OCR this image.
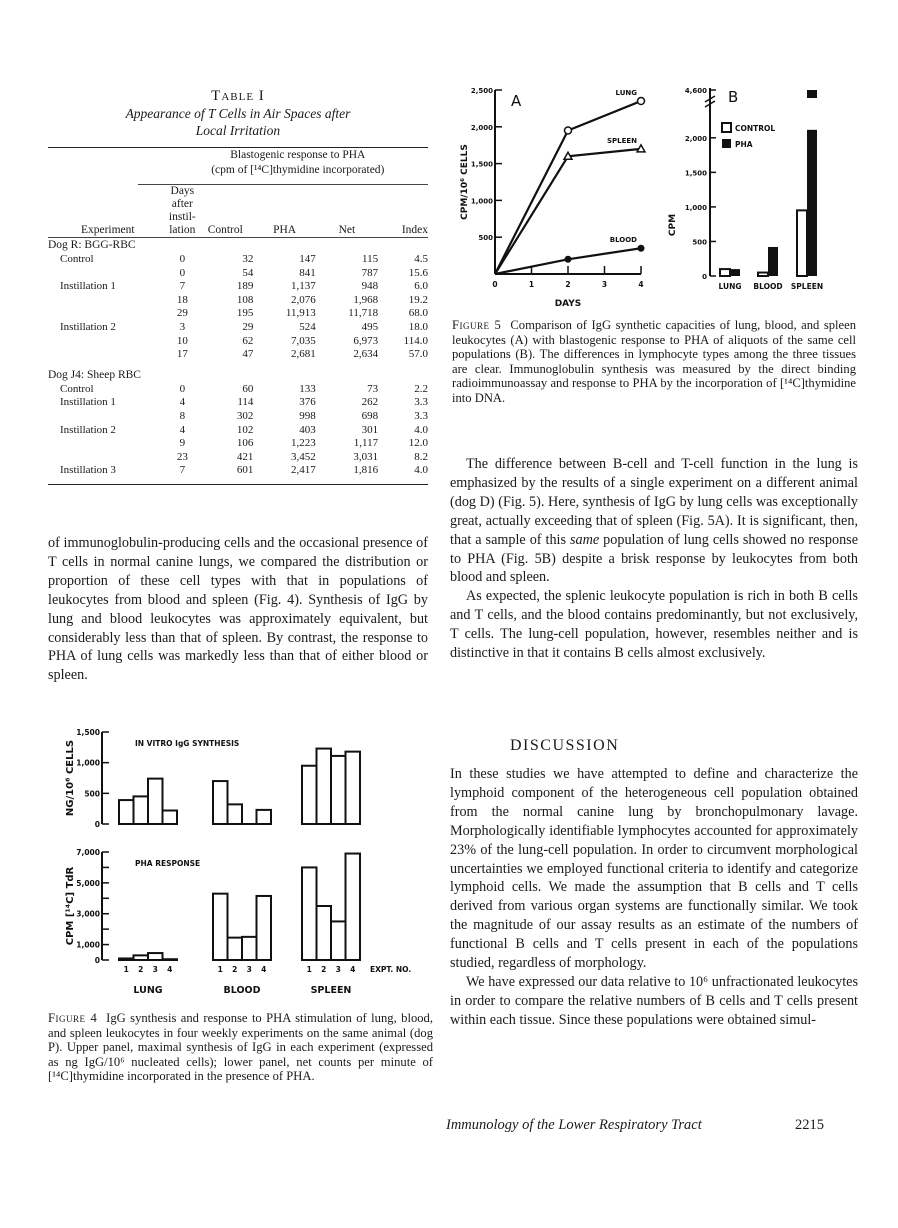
Table I
Appearance of T Cells in Air Spaces after
Local Irritation

	Blastogenic response to PHA
(cpm of [¹⁴C]thymidine incorporated)				

Experiment	Days
after
instil-
lation	Control	PHA	Net	Index

Dog R: BGG-RBC					
Control	0	32	147	115	4.5
	0	54	841	787	15.6
Instillation 1	7	189	1,137	948	6.0
	18	108	2,076	1,968	19.2
	29	195	11,913	11,718	68.0
Instillation 2	3	29	524	495	18.0
	10	62	7,035	6,973	114.0
	17	47	2,681	2,634	57.0
Dog J4: Sheep RBC					
Control	0	60	133	73	2.2
Instillation 1	4	114	376	262	3.3
	8	302	998	698	3.3
Instillation 2	4	102	403	301	4.0
	9	106	1,223	1,117	12.0
	23	421	3,452	3,031	8.2
Instillation 3	7	601	2,417	1,816	4.0

of immunoglobulin-producing cells and the occasional presence of T cells in normal canine lungs, we compared the distribution or proportion of these cell types with that in populations of leukocytes from blood and spleen (Fig. 4). Synthesis of IgG by lung and blood leukocytes was approximately equivalent, but considerably less than that of spleen. By contrast, the response to PHA of lung cells was markedly less than that of either blood or spleen.

0
500
1,000
1,500
IN VITRO IgG SYNTHESIS
NG/10⁶ CELLS
0
1,000
3,000
5,000
7,000
PHA RESPONSE
CPM [¹⁴C] TdR
1 2 3 4
LUNG
1 2 3 4
BLOOD
1 2 3 4
SPLEEN
EXPT. NO.
Figure 4 IgG synthesis and response to PHA stimulation of lung, blood, and spleen leukocytes in four weekly experiments on the same animal (dog P). Upper panel, maximal synthesis of IgG in each experiment (expressed as ng IgG/10⁶ nucleated cells); lower panel, net counts per minute of [¹⁴C]thymidine incorporated in the presence of PHA.
500
1,000
1,500
2,000
2,500
0	1	2	3	4
DAYS
CPM/10⁶ CELLS
A	LUNG
SPLEEN
BLOOD
0
500
1,000
1,500
2,000
4,600 B
CPM
CONTROL
PHA
LUNG BLOOD SPLEEN
Figure 5 Comparison of IgG synthetic capacities of lung, blood, and spleen leukocytes (A) with blastogenic response to PHA of aliquots of the same cell populations (B). The differences in lymphocyte types among the three tissues are clear. Immunoglobulin synthesis was measured by the direct binding radioimmunoassay and response to PHA by the incorporation of [¹⁴C]thymidine into DNA.

The difference between B-cell and T-cell function in the lung is emphasized by the results of a single experiment on a different animal (dog D) (Fig. 5). Here, synthesis of IgG by lung cells was exceptionally great, actually exceeding that of spleen (Fig. 5A). It is significant, then, that a sample of this same population of lung cells showed no response to PHA (Fig. 5B) despite a brisk response by leukocytes from both blood and spleen.

As expected, the splenic leukocyte population is rich in both B cells and T cells, and the blood contains predominantly, but not exclusively, T cells. The lung-cell population, however, resembles neither and is distinctive in that it contains B cells almost exclusively.

DISCUSSION

In these studies we have attempted to define and characterize the lymphoid component of the heterogeneous cell population obtained from the normal canine lung by bronchopulmonary lavage. Morphologically identifiable lymphocytes accounted for approximately 23% of the lung-cell population. In order to circumvent morphological uncertainties we employed functional criteria to identify and categorize lymphoid cells. We made the assumption that B cells and T cells derived from various organ systems are functionally similar. We took the magnitude of our assay results as an estimate of the numbers of functional B cells and T cells present in each of the populations studied, regardless of morphology.

We have expressed our data relative to 10⁶ unfractionated leukocytes in order to compare the relative numbers of B cells and T cells present within each tissue. Since these populations were obtained simul-

Immunology of the Lower Respiratory Tract	2215
